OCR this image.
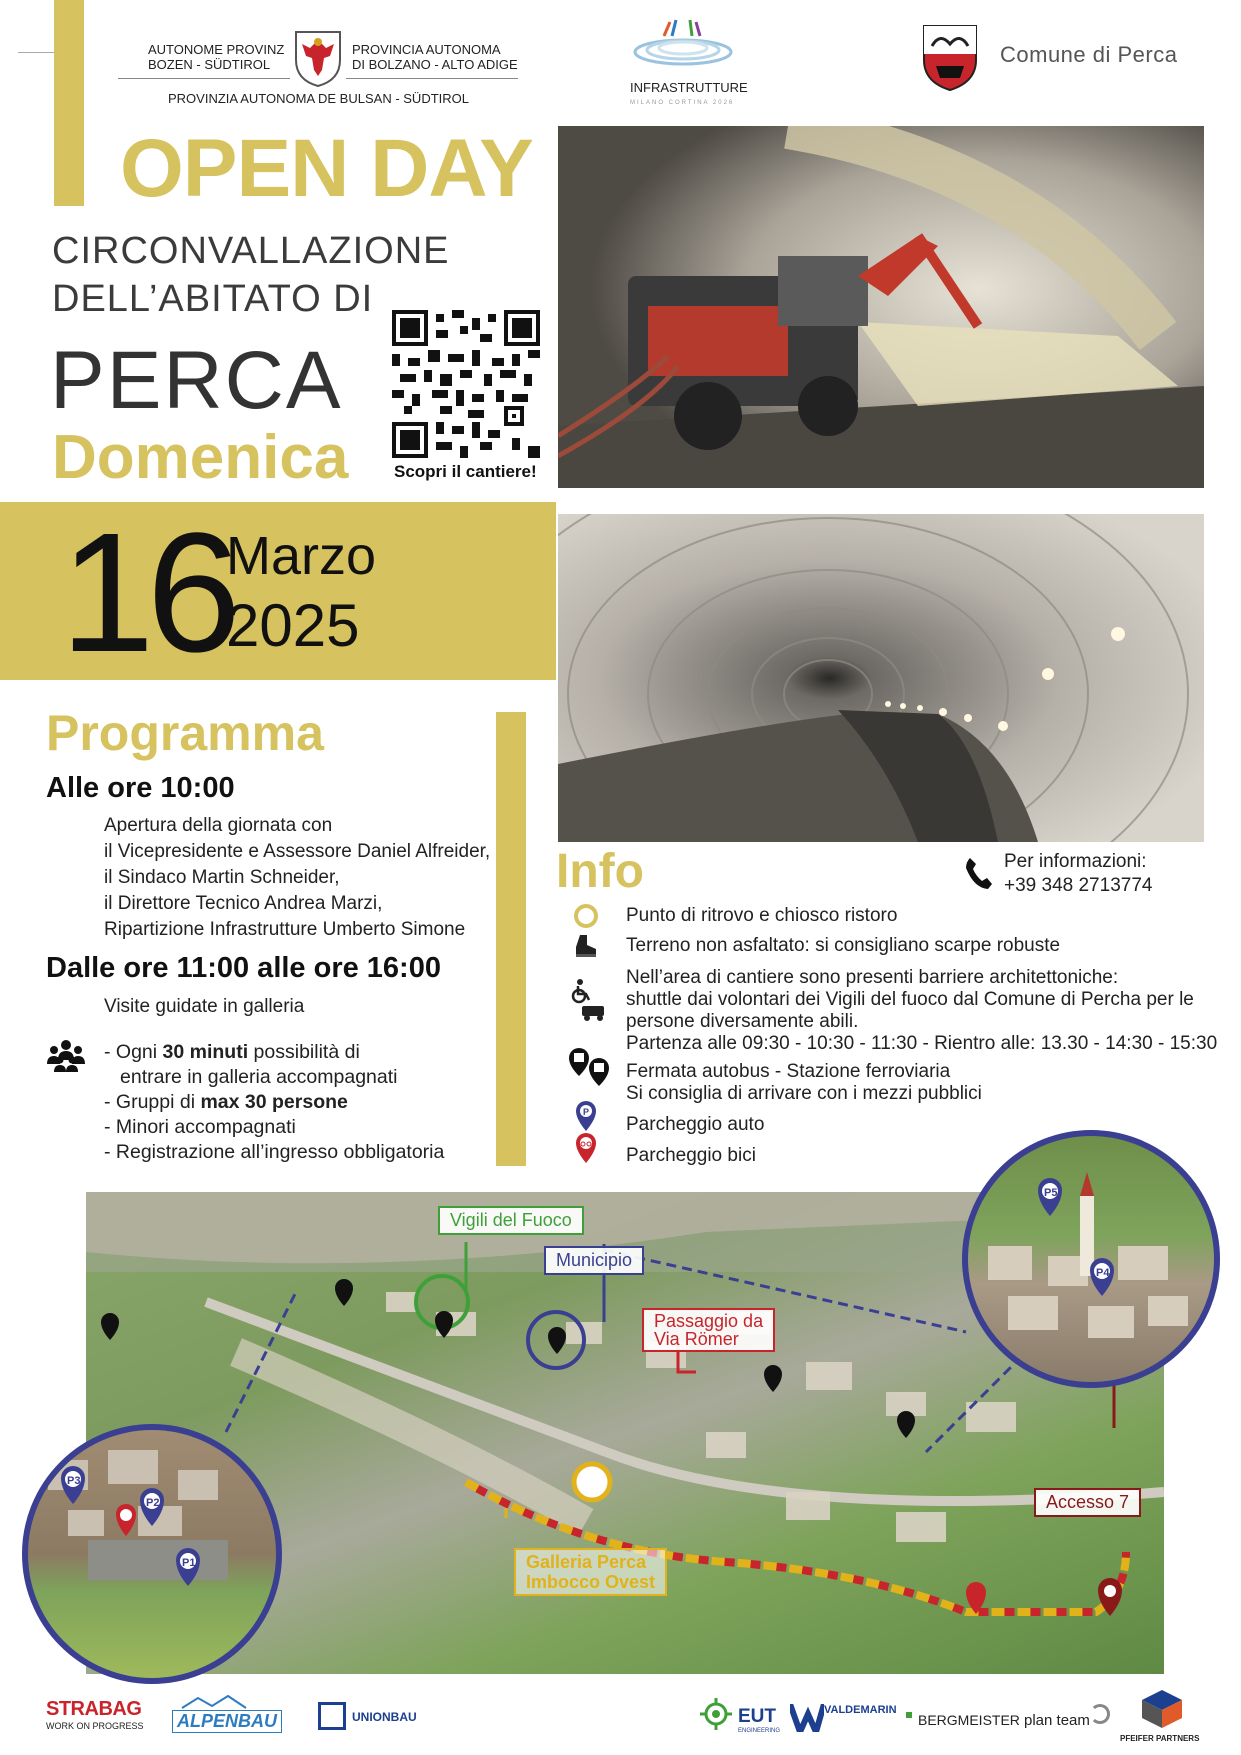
AUTONOME PROVINZ
BOZEN - SÜDTIROL
PROVINCIA AUTONOMA
DI BOLZANO - ALTO ADIGE
PROVINZIA AUTONOMA DE BULSAN - SÜDTIROL
INFRASTRUTTURE
MILANO CORTINA 2026
Comune di Perca
OPEN DAY
CIRCONVALLAZIONE
DELL’ABITATO DI
PERCA
Domenica	Scopri il cantiere!
16
Marzo
2025
Programma
Alle ore 10:00
Apertura della giornata con
il Vicepresidente e Assessore Daniel Alfreider,
il Sindaco Martin Schneider,
il Direttore Tecnico Andrea Marzi,
Ripartizione Infrastrutture Umberto Simone
Dalle ore 11:00 alle ore 16:00
Visite guidate in galleria
- Ogni 30 minuti possibilità di
entrare in galleria accompagnati
- Gruppi di max 30 persone
- Minori accompagnati
- Registrazione all’ingresso obbligatoria
Info	Per informazioni:
+39 348 2713774
Punto di ritrovo e chiosco ristoro
Terreno non asfaltato: si consigliano scarpe robuste
Nell’area di cantiere sono presenti barriere architettoniche:
shuttle dai volontari dei Vigili del fuoco dal Comune di Percha per le
persone diversamente abili.
Partenza alle 09:30 - 10:30 - 11:30 - Rientro alle: 13.30 - 14:30 - 15:30
Fermata autobus - Stazione ferroviaria
Si consiglia di arrivare con i mezzi pubblici
P
Parcheggio auto
Parcheggio bici
Vigili del Fuoco
Municipio
Passaggio da
Via Römer
Accesso 7
Galleria Perca
Imbocco Ovest
P3
P2
P1
P5
P4
STRABAG
WORK ON PROGRESS ALPENBAU	UNIONBAU	EUT
ENGINEERING
VALDEMARIN
BERGMEISTER plan team
PFEIFER PARTNERS
